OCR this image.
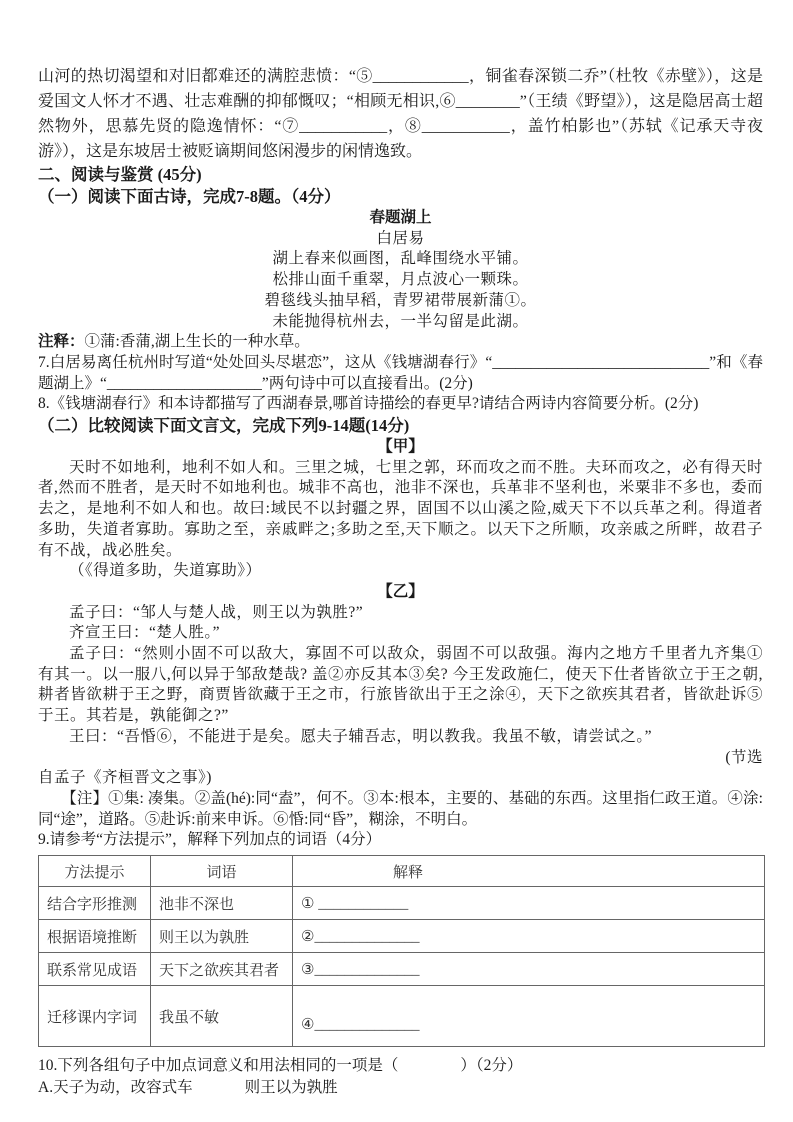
山河的热切渴望和对旧都难还的满腔悲愤：“⑤____________，铜雀春深锁二乔”（杜牧《赤壁》），这是爱国文人怀才不遇、壮志难酬的抑郁慨叹；“相顾无相识,⑥________”（王绩《野望》），这是隐居高士超然物外，思慕先贤的隐逸情怀：“⑦___________，⑧___________，盖竹柏影也”（苏轼《记承天寺夜游》），这是东坡居士被贬谪期间悠闲漫步的闲情逸致。

二、阅读与鉴赏 (45分)

（一）阅读下面古诗，完成7-8题。（4分）

春题湖上

白居易

湖上春来似画图，乱峰围绕水平铺。

松排山面千重翠，月点波心一颗珠。

碧毯线头抽早稻，青罗裙带展新蒲①。

未能抛得杭州去，一半勾留是此湖。

注释：①蒲:香蒲,湖上生长的一种水草。

7.白居易离任杭州时写道“处处回头尽堪恋”，这从《钱塘湖春行》“____________________________”和《春题湖上》“____________________”两句诗中可以直接看出。(2分)

8.《钱塘湖春行》和本诗都描写了西湖春景,哪首诗描绘的春更早?请结合两诗内容简要分析。(2分)

（二）比较阅读下面文言文，完成下列9-14题(14分)

【甲】

天时不如地利，地利不如人和。三里之城，七里之郭，环而攻之而不胜。夫环而攻之，必有得天时者,然而不胜者，是天时不如地利也。城非不高也，池非不深也，兵革非不坚利也，米粟非不多也，委而去之，是地利不如人和也。故曰:域民不以封疆之界，固国不以山溪之险,威天下不以兵革之利。得道者多助，失道者寡助。寡助之至，亲戚畔之;多助之至,天下顺之。以天下之所顺，攻亲戚之所畔，故君子有不战，战必胜矣。

（《得道多助，失道寡助》）

【乙】

孟子曰：“邹人与楚人战，则王以为孰胜?”

齐宣王曰：“楚人胜。”

孟子曰：“然则小固不可以敌大，寡固不可以敌众，弱固不可以敌强。海内之地方千里者九齐集①有其一。以一服八,何以异于邹敌楚哉? 盖②亦反其本③矣? 今王发政施仁，使天下仕者皆欲立于王之朝,耕者皆欲耕于王之野，商贾皆欲藏于王之市，行旅皆欲出于王之涂④，天下之欲疾其君者，皆欲赴诉⑤于王。其若是，孰能御之?”

王曰：“吾惛⑥，不能进于是矣。愿夫子辅吾志，明以教我。我虽不敏，请尝试之。”

(节选

自孟子《齐桓晋文之事》)

【注】①集: 凑集。②盖(hé):同“盍”，何不。③本:根本，主要的、基础的东西。这里指仁政王道。④涂:同“途”，道路。⑤赴诉:前来申诉。⑥惛:同“昏”，糊涂，不明白。

9.请参考“方法提示”，解释下列加点的词语（4分）

方法提示	词语	解释
结合字形推测	池非不深也	① ____________
根据语境推断	则王以为孰胜	②______________
联系常见成语	天下之欲疾其君者	③______________
迁移课内字词	我虽不敏	④______________

10.下列各组句子中加点词意义和用法相同的一项是（　　　　）（2分）

A.天子为动，改容式车	则王以为孰胜
